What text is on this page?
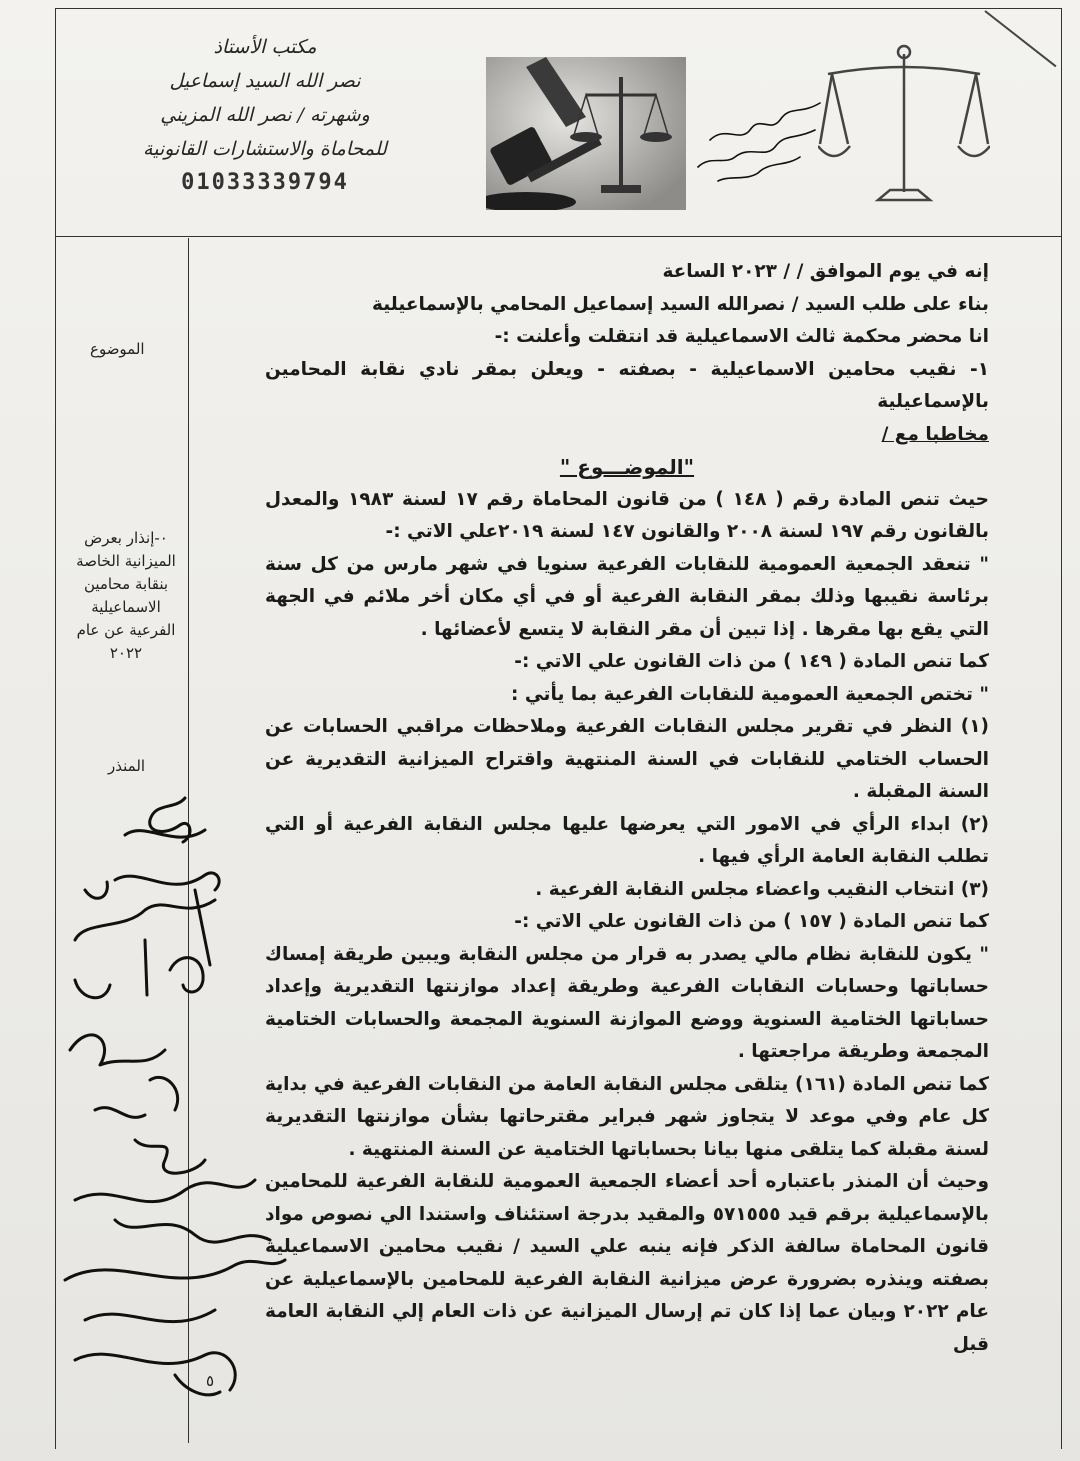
مكتب الأستاذ
نصر الله السيد إسماعيل
وشهرته / نصر الله المزيني
للمحاماة والاستشارات القانونية
01033339794
الموضوع
٠-إنذار بعرض
الميزانية الخاصة
بنقابة محامين
الاسماعيلية
الفرعية عن عام
٢٠٢٢
المنذر

إنه في يوم الموافق / / ٢٠٢٣ الساعة

بناء على طلب السيد / نصرالله السيد إسماعيل المحامي بالإسماعيلية

انا محضر محكمة ثالث الاسماعيلية قد انتقلت وأعلنت :-

١- نقيب محامين الاسماعيلية - بصفته - ويعلن بمقر نادي نقابة المحامين بالإسماعيلية

مخاطبا مع /

"الموضـــوع "

حيث تنص المادة رقم ( ١٤٨ ) من قانون المحاماة رقم ١٧ لسنة ١٩٨٣ والمعدل بالقانون رقم ١٩٧ لسنة ٢٠٠٨ والقانون ١٤٧ لسنة ٢٠١٩علي الاتي :-

" تنعقد الجمعية العمومية للنقابات الفرعية سنويا في شهر مارس من كل سنة برئاسة نقيبها وذلك بمقر النقابة الفرعية أو في أي مكان أخر ملائم في الجهة التي يقع بها مقرها . إذا تبين أن مقر النقابة لا يتسع لأعضائها .

كما تنص المادة ( ١٤٩ ) من ذات القانون علي الاتي :-

" تختص الجمعية العمومية للنقابات الفرعية بما يأتي :

(١) النظر في تقرير مجلس النقابات الفرعية وملاحظات مراقبي الحسابات عن الحساب الختامي للنقابات في السنة المنتهية واقتراح الميزانية التقديرية عن السنة المقبلة .

(٢) ابداء الرأي في الامور التي يعرضها عليها مجلس النقابة الفرعية أو التي تطلب النقابة العامة الرأي فيها .

(٣) انتخاب النقيب واعضاء مجلس النقابة الفرعية .

كما تنص المادة ( ١٥٧ ) من ذات القانون علي الاتي :-

" يكون للنقابة نظام مالي يصدر به قرار من مجلس النقابة ويبين طريقة إمساك حساباتها وحسابات النقابات الفرعية وطريقة إعداد موازنتها التقديرية وإعداد حساباتها الختامية السنوية ووضع الموازنة السنوية المجمعة والحسابات الختامية المجمعة وطريقة مراجعتها .

كما تنص المادة (١٦١) يتلقى مجلس النقابة العامة من النقابات الفرعية في بداية كل عام وفي موعد لا يتجاوز شهر فبراير مقترحاتها بشأن موازنتها التقديرية لسنة مقبلة كما يتلقى منها بيانا بحساباتها الختامية عن السنة المنتهية .

وحيث أن المنذر باعتباره أحد أعضاء الجمعية العمومية للنقابة الفرعية للمحامين بالإسماعيلية برقم قيد ٥٧١٥٥٥ والمقيد بدرجة استئناف واستندا الي نصوص مواد قانون المحاماة سالفة الذكر فإنه ينبه علي السيد / نقيب محامين الاسماعيلية بصفته وينذره بضرورة عرض ميزانية النقابة الفرعية للمحامين بالإسماعيلية عن عام ٢٠٢٢ وبيان عما إذا كان تم إرسال الميزانية عن ذات العام إلي النقابة العامة قبل

٥
